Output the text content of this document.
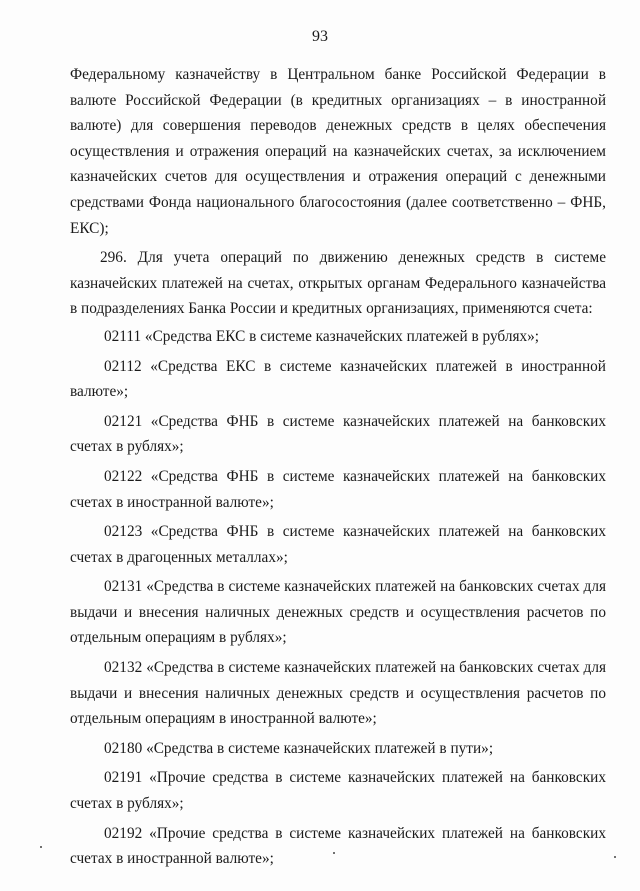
93

Федеральному казначейству в Центральном банке Российской Федерации в валюте Российской Федерации (в кредитных организациях – в иностранной валюте) для совершения переводов денежных средств в целях обеспечения осуществления и отражения операций на казначейских счетах, за исключением казначейских счетов для осуществления и отражения операций с денежными средствами Фонда национального благосостояния (далее соответственно – ФНБ, ЕКС);

296. Для учета операций по движению денежных средств в системе казначейских платежей на счетах, открытых органам Федерального казначейства в подразделениях Банка России и кредитных организациях, применяются счета:

02111 «Средства ЕКС в системе казначейских платежей в рублях»;

02112 «Средства ЕКС в системе казначейских платежей в иностранной валюте»;

02121 «Средства ФНБ в системе казначейских платежей на банковских счетах в рублях»;

02122 «Средства ФНБ в системе казначейских платежей на банковских счетах в иностранной валюте»;

02123 «Средства ФНБ в системе казначейских платежей на банковских счетах в драгоценных металлах»;

02131 «Средства в системе казначейских платежей на банковских счетах для выдачи и внесения наличных денежных средств и осуществления расчетов по отдельным операциям в рублях»;

02132 «Средства в системе казначейских платежей на банковских счетах для выдачи и внесения наличных денежных средств и осуществления расчетов по отдельным операциям в иностранной валюте»;

02180 «Средства в системе казначейских платежей в пути»;

02191 «Прочие средства в системе казначейских платежей на банковских счетах в рублях»;

02192 «Прочие средства в системе казначейских платежей на банковских счетах в иностранной валюте»;
